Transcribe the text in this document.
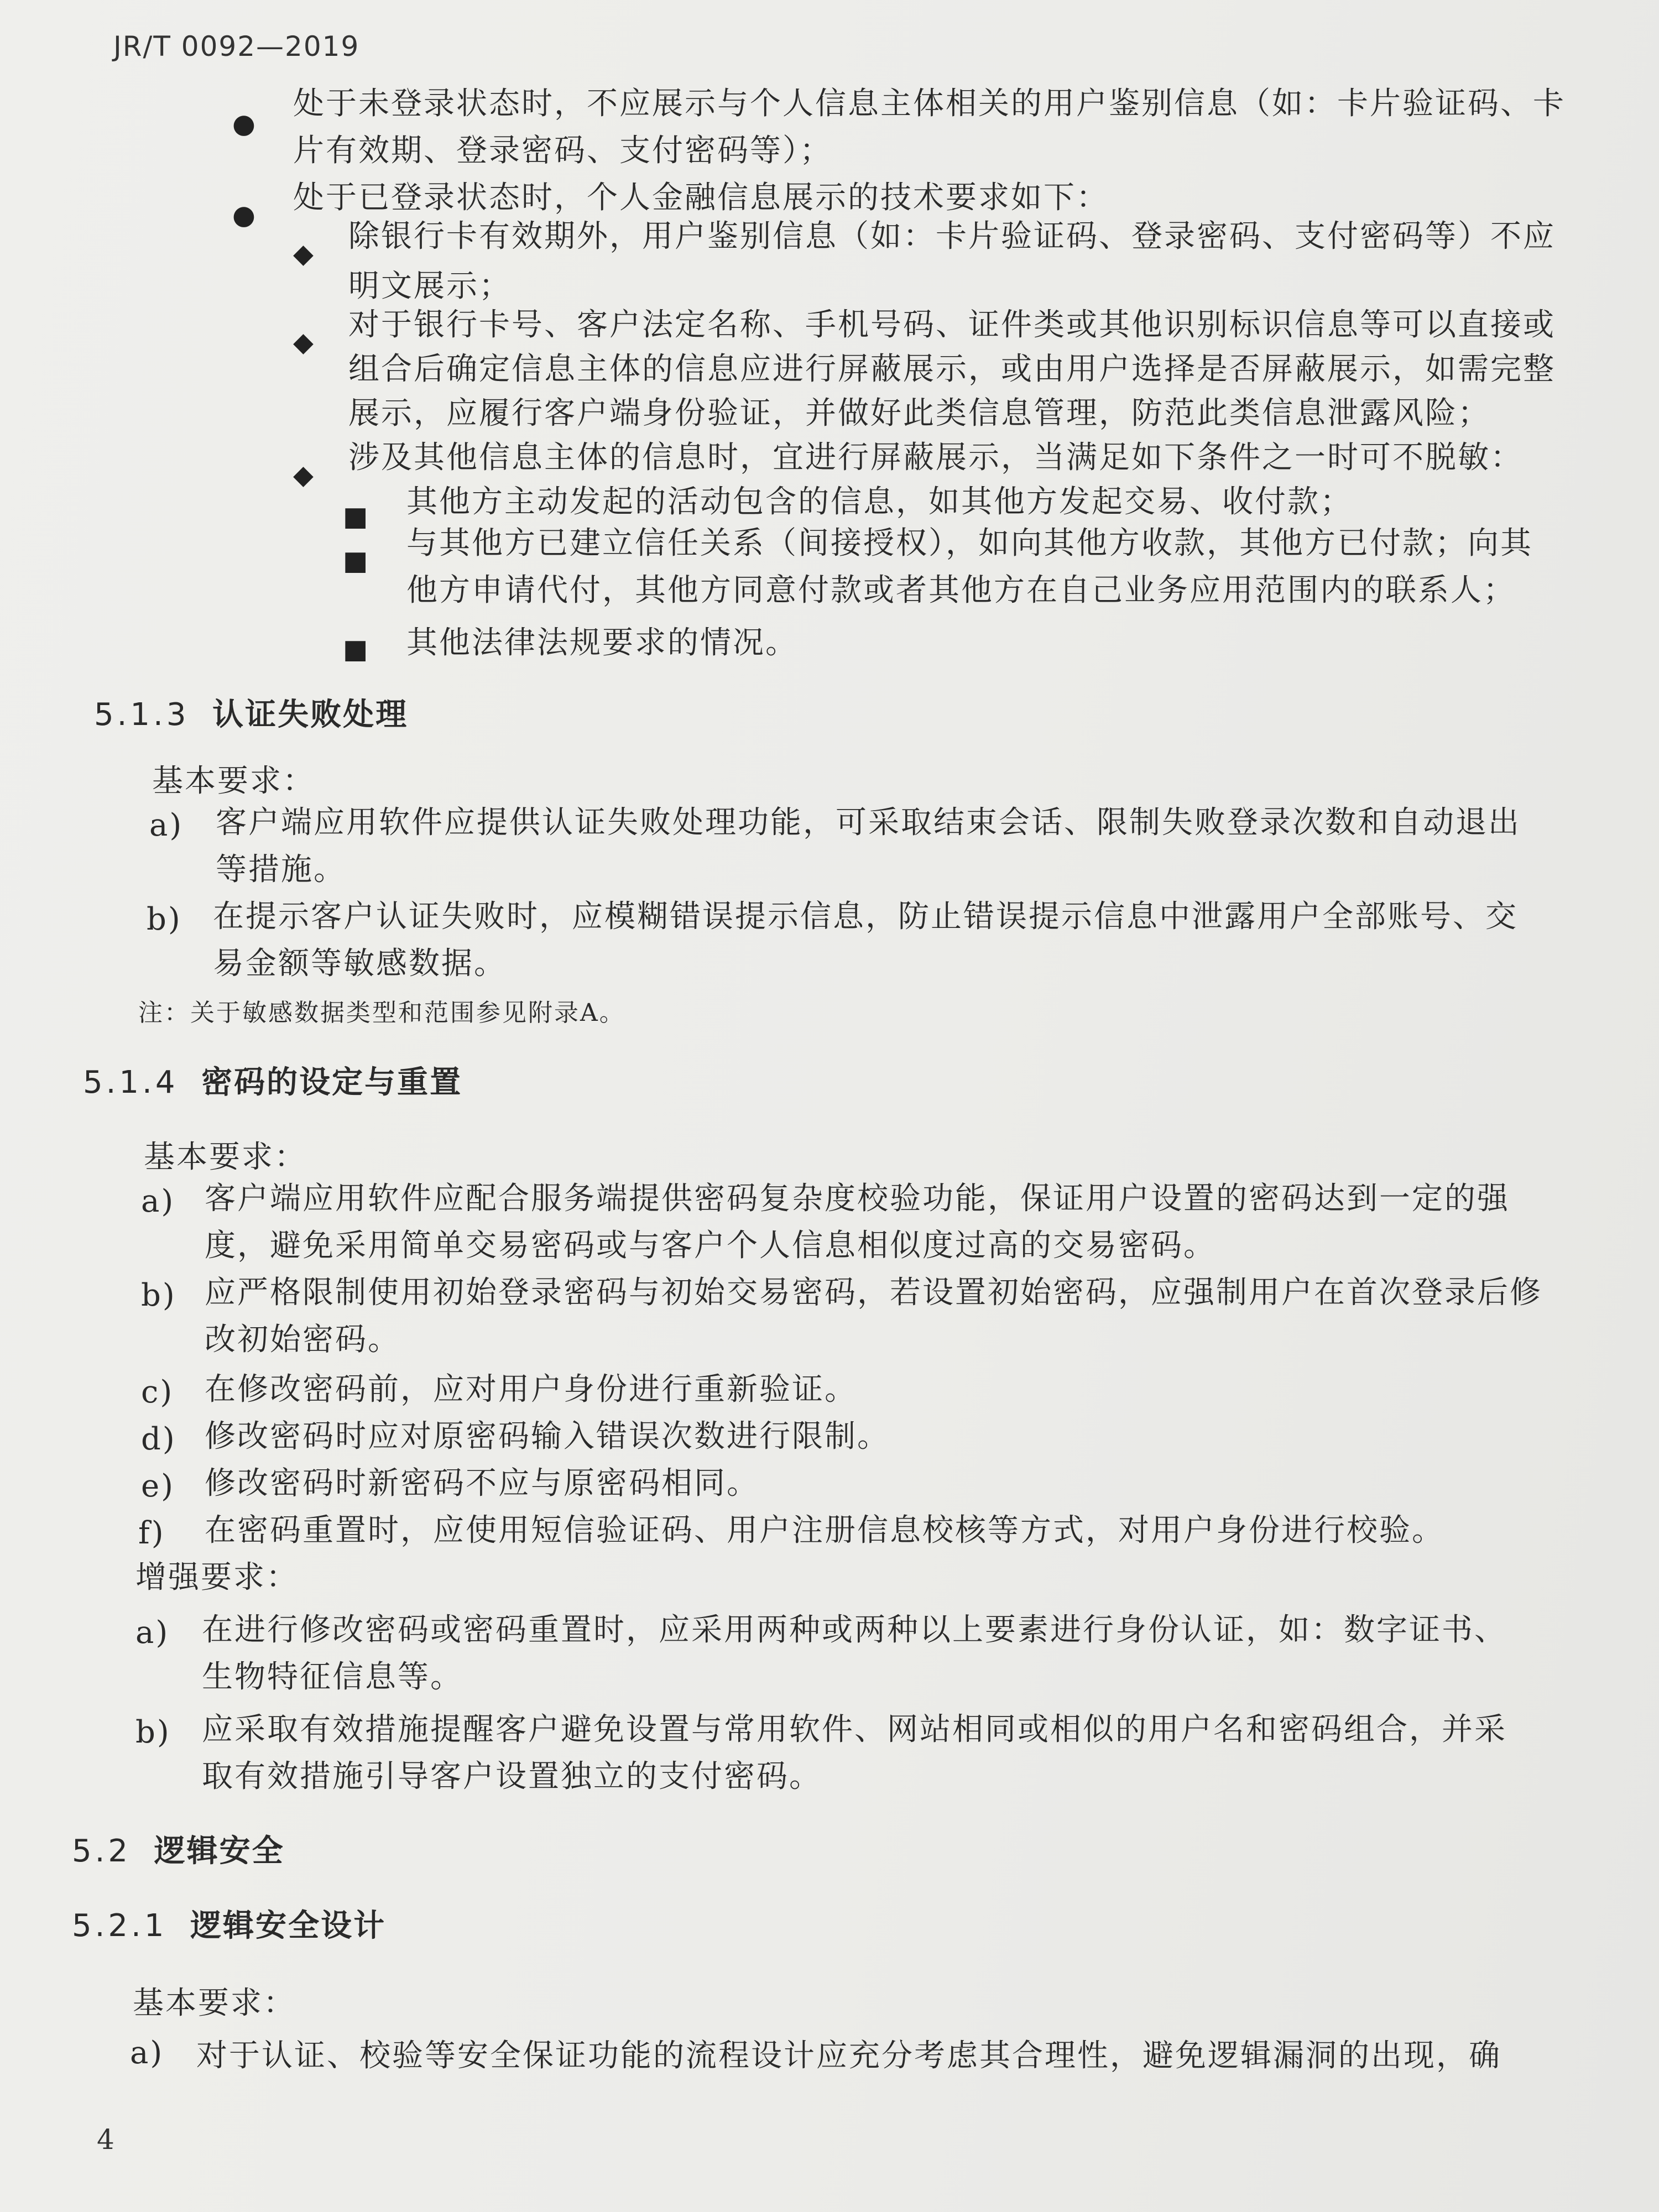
JR/T 0092—2019
●
处于未登录状态时，不应展示与个人信息主体相关的用户鉴别信息（如：卡片验证码、卡
片有效期、登录密码、支付密码等）；
● 处于已登录状态时，个人金融信息展示的技术要求如下：
◆ 除银行卡有效期外，用户鉴别信息（如：卡片验证码、登录密码、支付密码等）不应
明文展示；
◆ 对于银行卡号、客户法定名称、手机号码、证件类或其他识别标识信息等可以直接或
组合后确定信息主体的信息应进行屏蔽展示，或由用户选择是否屏蔽展示，如需完整
展示，应履行客户端身份验证，并做好此类信息管理，防范此类信息泄露风险；
◆ 涉及其他信息主体的信息时，宜进行屏蔽展示，当满足如下条件之一时可不脱敏：
■ 其他方主动发起的活动包含的信息，如其他方发起交易、收付款；
■ 与其他方已建立信任关系（间接授权），如向其他方收款，其他方已付款；向其
他方申请代付，其他方同意付款或者其他方在自己业务应用范围内的联系人；
■ 其他法律法规要求的情况。
5.1.3 认证失败处理
基本要求：
a) 客户端应用软件应提供认证失败处理功能，可采取结束会话、限制失败登录次数和自动退出
等措施。
b) 在提示客户认证失败时，应模糊错误提示信息，防止错误提示信息中泄露用户全部账号、交
易金额等敏感数据。
注：关于敏感数据类型和范围参见附录A。
5.1.4 密码的设定与重置
基本要求：
a) 客户端应用软件应配合服务端提供密码复杂度校验功能，保证用户设置的密码达到一定的强
度，避免采用简单交易密码或与客户个人信息相似度过高的交易密码。
b) 应严格限制使用初始登录密码与初始交易密码，若设置初始密码，应强制用户在首次登录后修
改初始密码。
c) 在修改密码前，应对用户身份进行重新验证。
d) 修改密码时应对原密码输入错误次数进行限制。
e) 修改密码时新密码不应与原密码相同。
f) 在密码重置时，应使用短信验证码、用户注册信息校核等方式，对用户身份进行校验。
增强要求：
a) 在进行修改密码或密码重置时，应采用两种或两种以上要素进行身份认证，如：数字证书、
生物特征信息等。
b) 应采取有效措施提醒客户避免设置与常用软件、网站相同或相似的用户名和密码组合，并采
取有效措施引导客户设置独立的支付密码。
5.2 逻辑安全
5.2.1 逻辑安全设计
基本要求：
a) 对于认证、校验等安全保证功能的流程设计应充分考虑其合理性，避免逻辑漏洞的出现，确
4
